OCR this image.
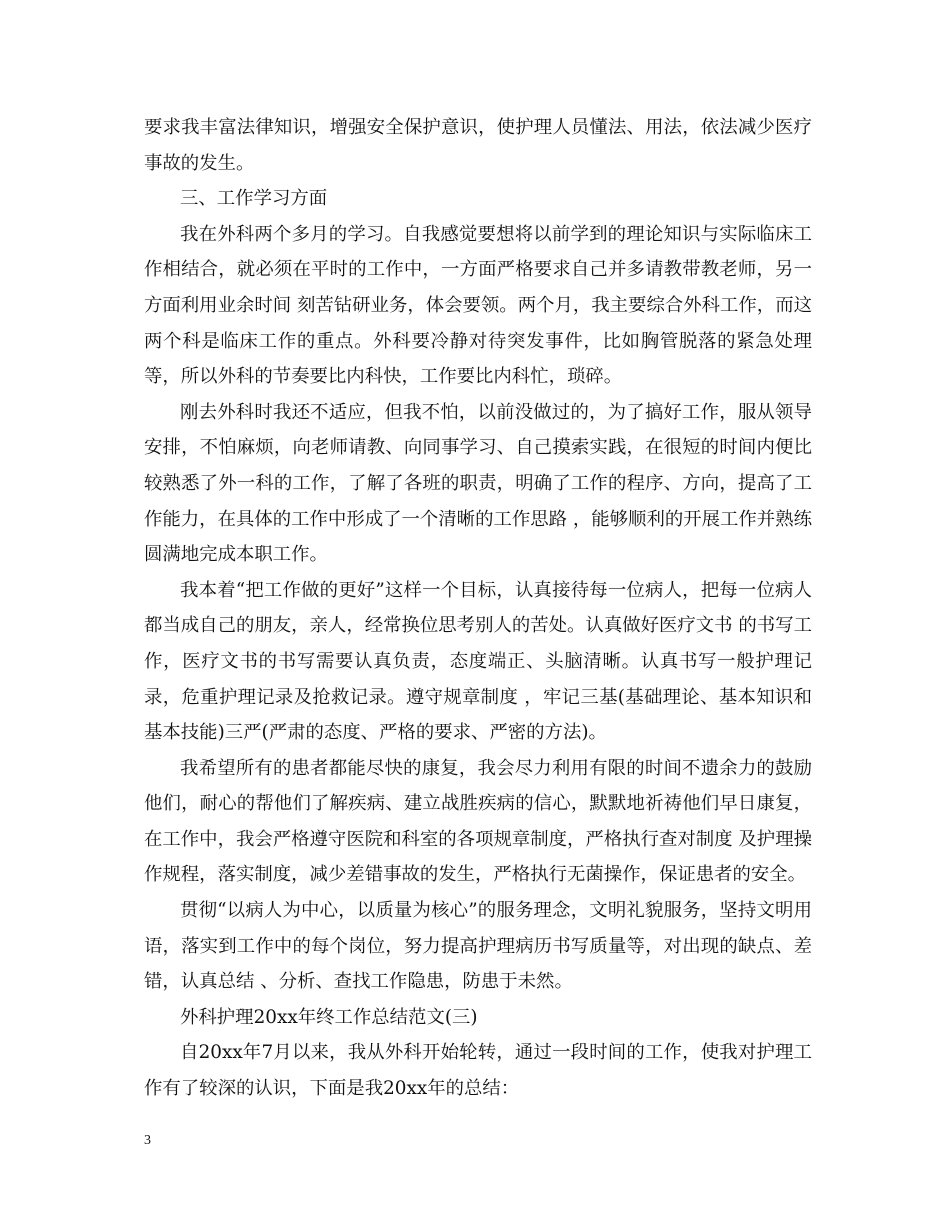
要求我丰富法律知识，增强安全保护意识，使护理人员懂法、用法，依法减少医疗事故的发生。

三、工作学习方面

我在外科两个多月的学习。自我感觉要想将以前学到的理论知识与实际临床工作相结合，就必须在平时的工作中，一方面严格要求自己并多请教带教老师，另一方面利用业余时间 刻苦钻研业务，体会要领。两个月，我主要综合外科工作，而这两个科是临床工作的重点。外科要冷静对待突发事件，比如胸管脱落的紧急处理等，所以外科的节奏要比内科快，工作要比内科忙，琐碎。

刚去外科时我还不适应，但我不怕，以前没做过的，为了搞好工作，服从领导安排，不怕麻烦，向老师请教、向同事学习、自己摸索实践，在很短的时间内便比较熟悉了外一科的工作，了解了各班的职责，明确了工作的程序、方向，提高了工作能力，在具体的工作中形成了一个清晰的工作思路 ，能够顺利的开展工作并熟练圆满地完成本职工作。

我本着“把工作做的更好”这样一个目标，认真接待每一位病人，把每一位病人都当成自己的朋友，亲人，经常换位思考别人的苦处。认真做好医疗文书 的书写工作，医疗文书的书写需要认真负责，态度端正、头脑清晰。认真书写一般护理记录，危重护理记录及抢救记录。遵守规章制度 ，牢记三基(基础理论、基本知识和基本技能)三严(严肃的态度、严格的要求、严密的方法)。

我希望所有的患者都能尽快的康复，我会尽力利用有限的时间不遗余力的鼓励他们，耐心的帮他们了解疾病、建立战胜疾病的信心，默默地祈祷他们早日康复，在工作中，我会严格遵守医院和科室的各项规章制度，严格执行查对制度 及护理操作规程，落实制度，减少差错事故的发生，严格执行无菌操作，保证患者的安全。

贯彻“以病人为中心，以质量为核心”的服务理念，文明礼貌服务，坚持文明用语，落实到工作中的每个岗位，努力提高护理病历书写质量等，对出现的缺点、差错，认真总结 、分析、查找工作隐患，防患于未然。

外科护理20xx年终工作总结范文(三)

自20xx年7月以来，我从外科开始轮转，通过一段时间的工作，使我对护理工作有了较深的认识，下面是我20xx年的总结：

3
